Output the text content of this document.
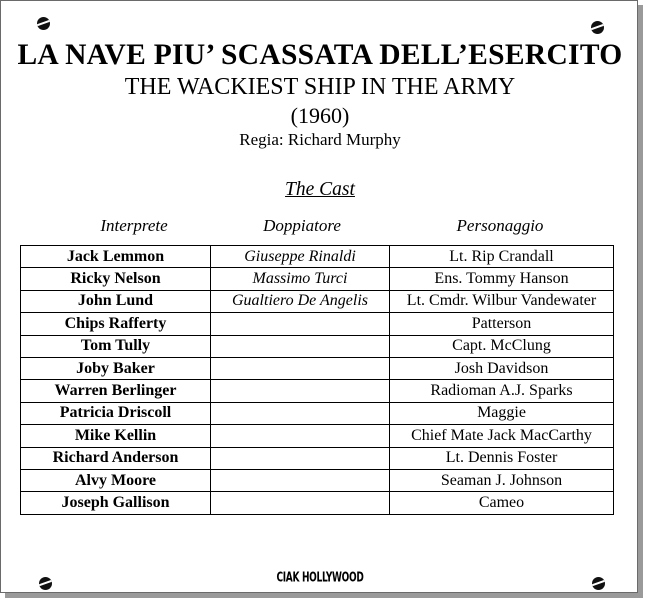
LA NAVE PIU’ SCASSATA DELL’ESERCITO
THE WACKIEST SHIP IN THE ARMY
(1960)
Regia: Richard Murphy
The Cast
Interprete	Doppiatore	Personaggio
Jack Lemmon	Giuseppe Rinaldi	Lt. Rip Crandall
Ricky Nelson	Massimo Turci	Ens. Tommy Hanson
John Lund	Gualtiero De Angelis	Lt. Cmdr. Wilbur Vandewater
Chips Rafferty		Patterson
Tom Tully		Capt. McClung
Joby Baker		Josh Davidson
Warren Berlinger		Radioman A.J. Sparks
Patricia Driscoll		Maggie
Mike Kellin		Chief Mate Jack MacCarthy
Richard Anderson		Lt. Dennis Foster
Alvy Moore		Seaman J. Johnson
Joseph Gallison		Cameo
CIAK HOLLYWOOD
